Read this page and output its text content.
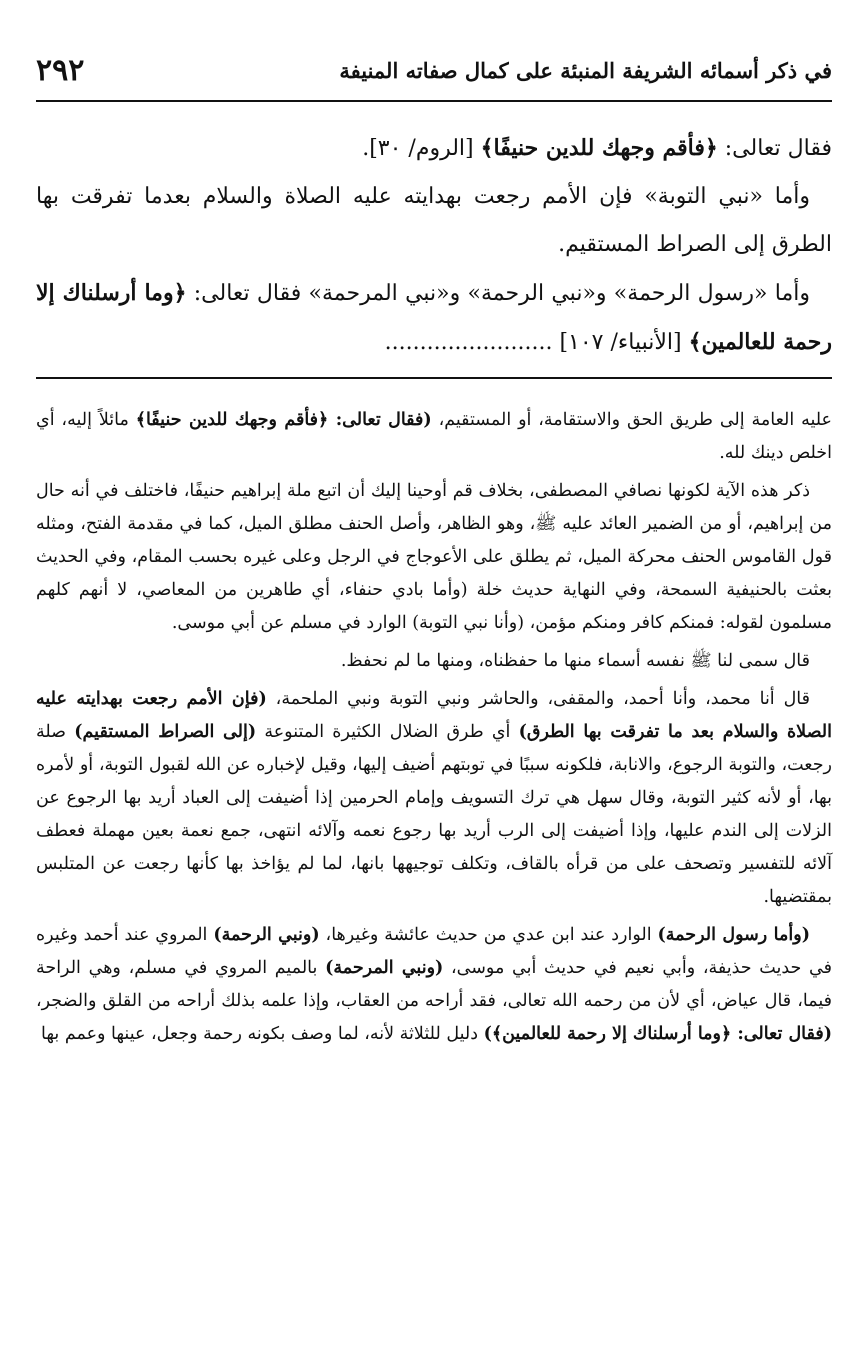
في ذكر أسمائه الشريفة المنبئة على كمال صفاته المنيفة
٢٩٢

فقال تعالى: ﴿فأقم وجهك للدين حنيفًا﴾ [الروم/ ٣٠].

وأما «نبي التوبة» فإن الأمم رجعت بهدايته عليه الصلاة والسلام بعدما تفرقت بها الطرق إلى الصراط المستقيم.

وأما «رسول الرحمة» و«نبي الرحمة» و«نبي المرحمة» فقال تعالى: ﴿وما أرسلناك إلا رحمة للعالمين﴾ [الأنبياء/ ١٠٧] ........................

عليه العامة إلى طريق الحق والاستقامة، أو المستقيم، (فقال تعالى: ﴿فأقم وجهك للدين حنيفًا﴾ مائلاً إليه، أي اخلص دينك لله.

ذكر هذه الآية لكونها نصافي المصطفى، بخلاف قم أوحينا إليك أن اتبع ملة إبراهيم حنيفًا، فاختلف في أنه حال من إبراهيم، أو من الضمير العائد عليه ﷺ، وهو الظاهر، وأصل الحنف مطلق الميل، كما في مقدمة الفتح، ومثله قول القاموس الحنف محركة الميل، ثم يطلق على الأعوجاج في الرجل وعلى غيره بحسب المقام، وفي الحديث بعثت بالحنيفية السمحة، وفي النهاية حديث خلة (وأما بادي حنفاء، أي طاهرين من المعاصي، لا أنهم كلهم مسلمون لقوله: فمنكم كافر ومنكم مؤمن، (وأنا نبي التوبة) الوارد في مسلم عن أبي موسى.

قال سمى لنا ﷺ نفسه أسماء منها ما حفظناه، ومنها ما لم نحفظ.

قال أنا محمد، وأنا أحمد، والمقفى، والحاشر ونبي التوبة ونبي الملحمة، (فإن الأمم رجعت بهدايته عليه الصلاة والسلام بعد ما تفرقت بها الطرق) أي طرق الضلال الكثيرة المتنوعة (إلى الصراط المستقيم) صلة رجعت، والتوبة الرجوع، والانابة، فلكونه سببًا في توبتهم أضيف إليها، وقيل لإخباره عن الله لقبول التوبة، أو لأمره بها، أو لأنه كثير التوبة، وقال سهل هي ترك التسويف وإمام الحرمين إذا أضيفت إلى العباد أريد بها الرجوع عن الزلات إلى الندم عليها، وإذا أضيفت إلى الرب أريد بها رجوع نعمه وآلائه انتهى، جمع نعمة بعين مهملة فعطف آلائه للتفسير وتصحف على من قرأه بالقاف، وتكلف توجيهها بانها، لما لم يؤاخذ بها كأنها رجعت عن المتلبس بمقتضيها.

(وأما رسول الرحمة) الوارد عند ابن عدي من حديث عائشة وغيرها، (ونبي الرحمة) المروي عند أحمد وغيره في حديث حذيفة، وأبي نعيم في حديث أبي موسى، (ونبي المرحمة) بالميم المروي في مسلم، وهي الراحة فيما، قال عياض، أي لأن من رحمه الله تعالى، فقد أراحه من العقاب، وإذا علمه بذلك أراحه من القلق والضجر، (فقال تعالى: ﴿وما أرسلناك إلا رحمة للعالمين﴾) دليل للثلاثة لأنه، لما وصف بكونه رحمة وجعل، عينها وعمم بها
